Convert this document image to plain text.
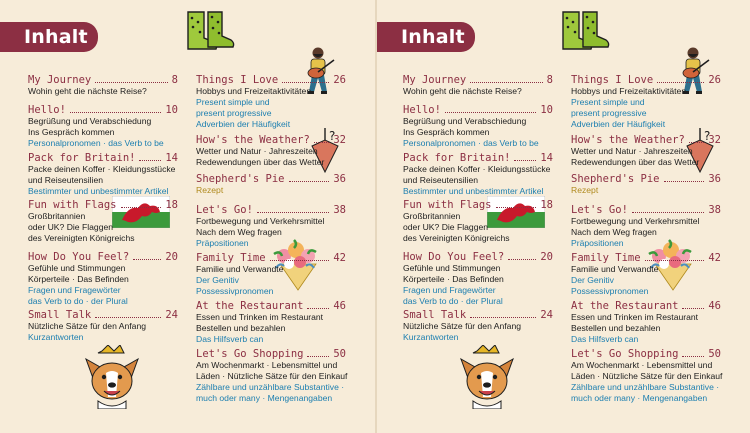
Inhalt
My Journey	8
Wohin geht die nächste Reise?
Hello!	10
Begrüßung und Verabschiedung
Ins Gespräch kommen
Personalpronomen · das Verb to be
Pack for Britain!	14
Packe deinen Koffer · Kleidungsstücke
und Reiseutensilien
Bestimmter und unbestimmter Artikel
Fun with Flags	18
Großbritannien
oder UK? Die Flaggen
des Vereinigten Königreichs
How Do You Feel?	20
Gefühle und Stimmungen
Körperteile · Das Befinden
Fragen und Fragewörter
das Verb to do · der Plural
Small Talk	24
Nützliche Sätze für den Anfang
Kurzantworten
Things I Love	26
Hobbys und Freizeitaktivitäten
Present simple und
present progressive
Adverbien der Häufigkeit
How's the Weather? 32
Wetter und Natur · Jahreszeiten
Redewendungen über das Wetter
Shepherd's Pie	36
Rezept
Let's Go!	38
Fortbewegung und Verkehrsmittel
Nach dem Weg fragen
Präpositionen
Family Time	42
Familie und Verwandte
Der Genitiv
Possessivpronomen
At the Restaurant	46
Essen und Trinken im Restaurant
Bestellen und bezahlen
Das Hilfsverb can
Let's Go Shopping	50
Am Wochenmarkt · Lebensmittel und
Läden · Nützliche Sätze für den Einkauf
Zählbare und unzählbare Substantive ·
much oder many · Mengenangaben
Inhalt
My Journey	8
Wohin geht die nächste Reise?
Hello!	10
Begrüßung und Verabschiedung
Ins Gespräch kommen
Personalpronomen · das Verb to be
Pack for Britain!	14
Packe deinen Koffer · Kleidungsstücke
und Reiseutensilien
Bestimmter und unbestimmter Artikel
Fun with Flags	18
Großbritannien
oder UK? Die Flaggen
des Vereinigten Königreichs
How Do You Feel?	20
Gefühle und Stimmungen
Körperteile · Das Befinden
Fragen und Fragewörter
das Verb to do · der Plural
Small Talk	24
Nützliche Sätze für den Anfang
Kurzantworten
Things I Love	26
Hobbys und Freizeitaktivitäten
Present simple und
present progressive
Adverbien der Häufigkeit
How's the Weather? 32
Wetter und Natur · Jahreszeiten
Redewendungen über das Wetter
Shepherd's Pie	36
Rezept
Let's Go!	38
Fortbewegung und Verkehrsmittel
Nach dem Weg fragen
Präpositionen
Family Time	42
Familie und Verwandte
Der Genitiv
Possessivpronomen
At the Restaurant	46
Essen und Trinken im Restaurant
Bestellen und bezahlen
Das Hilfsverb can
Let's Go Shopping	50
Am Wochenmarkt · Lebensmittel und
Läden · Nützliche Sätze für den Einkauf
Zählbare und unzählbare Substantive ·
much oder many · Mengenangaben
